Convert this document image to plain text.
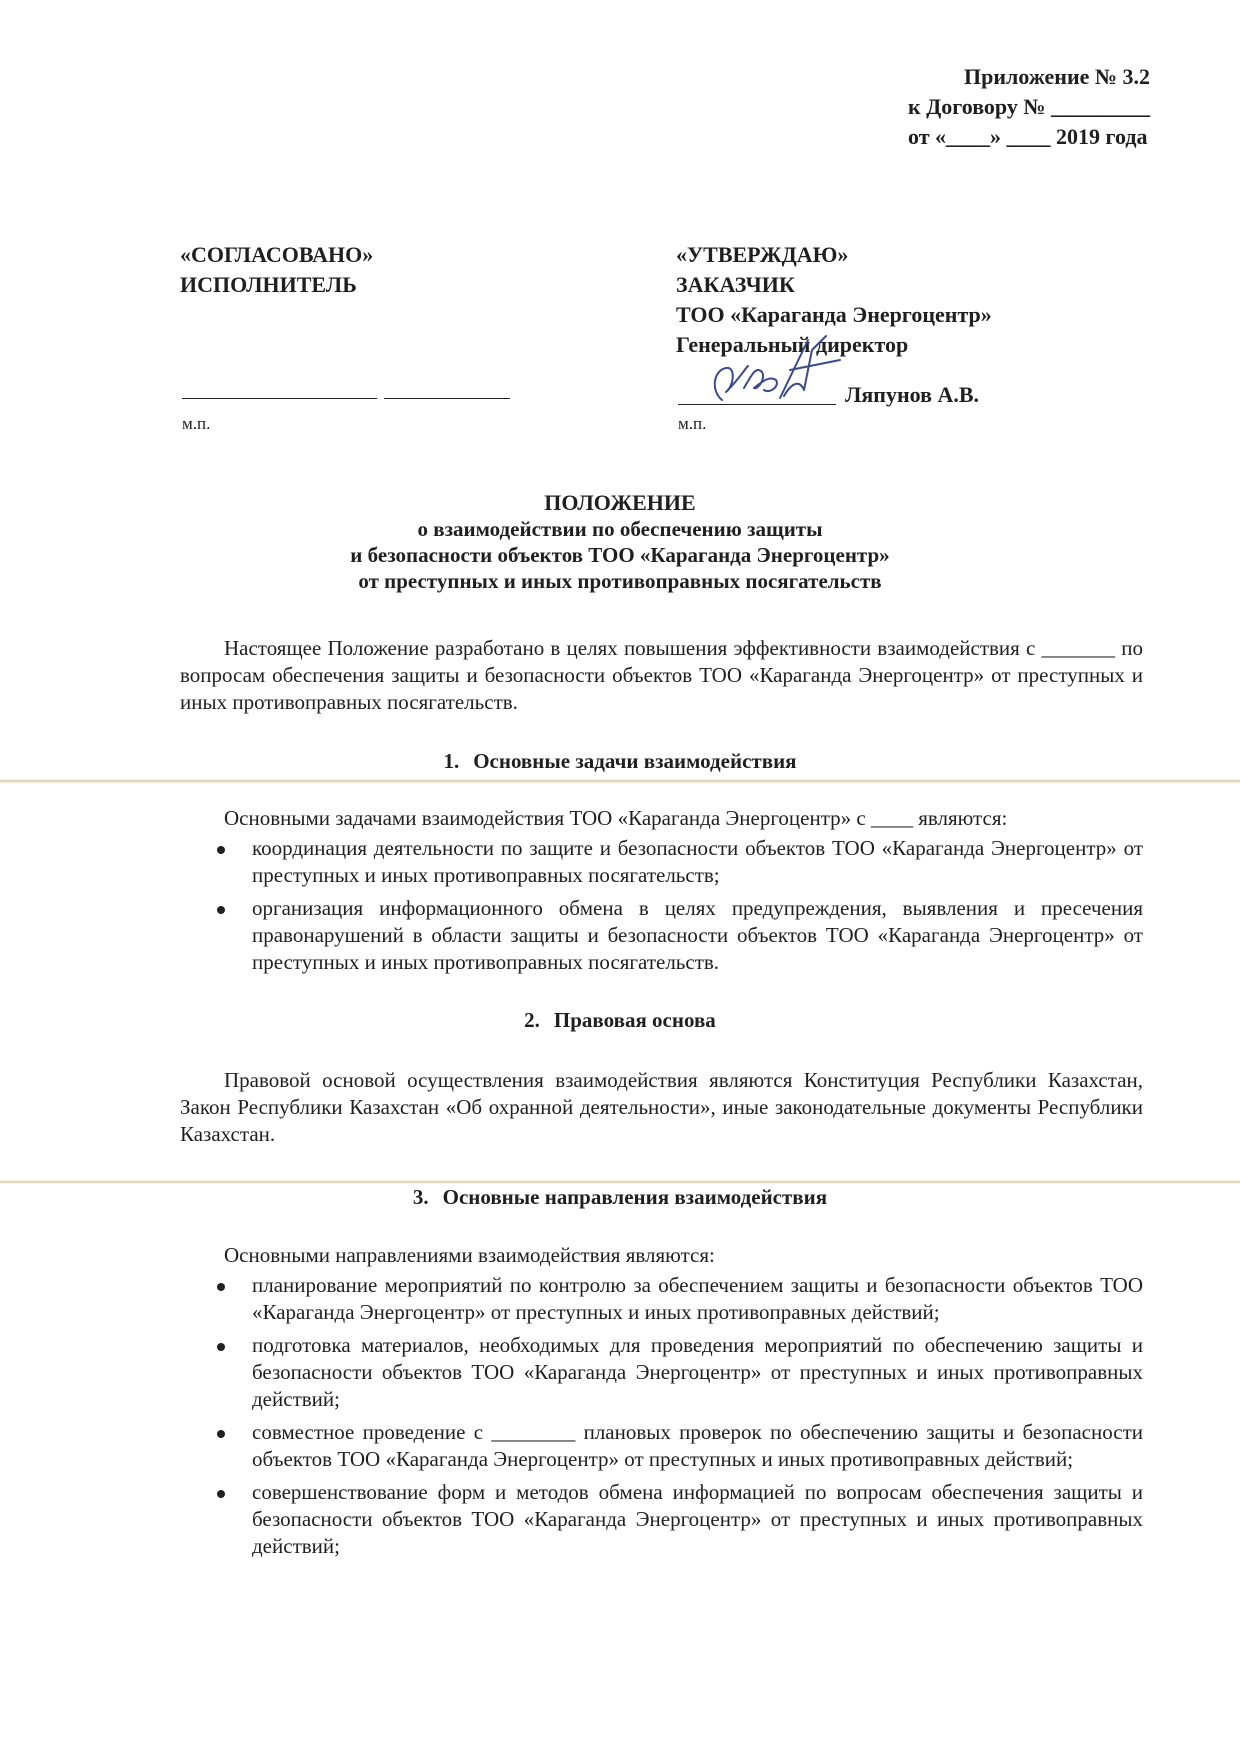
Приложение № 3.2
к Договору № _________
от «____» ____ 2019 года
«СОГЛАСОВАНО»
ИСПОЛНИТЕЛЬ
м.п.
«УТВЕРЖДАЮ»
ЗАКАЗЧИК
ТОО «Караганда Энергоцентр»
Генеральный директор
Ляпунов А.В.
м.п.
ПОЛОЖЕНИЕ
о взаимодействии по обеспечению защиты
и безопасности объектов ТОО «Караганда Энергоцентр»
от преступных и иных противоправных посягательств
Настоящее Положение разработано в целях повышения эффективности взаимодействия с _______ по вопросам обеспечения защиты и безопасности объектов ТОО «Караганда Энергоцентр» от преступных и иных противоправных посягательств.
1. Основные задачи взаимодействия
Основными задачами взаимодействия ТОО «Караганда Энергоцентр» с ____ являются:
координация деятельности по защите и безопасности объектов ТОО «Караганда Энергоцентр» от преступных и иных противоправных посягательств;
организация информационного обмена в целях предупреждения, выявления и пресечения правонарушений в области защиты и безопасности объектов ТОО «Караганда Энергоцентр» от преступных и иных противоправных посягательств.
2. Правовая основа
Правовой основой осуществления взаимодействия являются Конституция Республики Казахстан, Закон Республики Казахстан «Об охранной деятельности», иные законодательные документы Республики Казахстан.
3. Основные направления взаимодействия
Основными направлениями взаимодействия являются:
планирование мероприятий по контролю за обеспечением защиты и безопасности объектов ТОО «Караганда Энергоцентр» от преступных и иных противоправных действий;
подготовка материалов, необходимых для проведения мероприятий по обеспечению защиты и безопасности объектов ТОО «Караганда Энергоцентр» от преступных и иных противоправных действий;
совместное проведение с ________ плановых проверок по обеспечению защиты и безопасности объектов ТОО «Караганда Энергоцентр» от преступных и иных противоправных действий;
совершенствование форм и методов обмена информацией по вопросам обеспечения защиты и безопасности объектов ТОО «Караганда Энергоцентр» от преступных и иных противоправных действий;
